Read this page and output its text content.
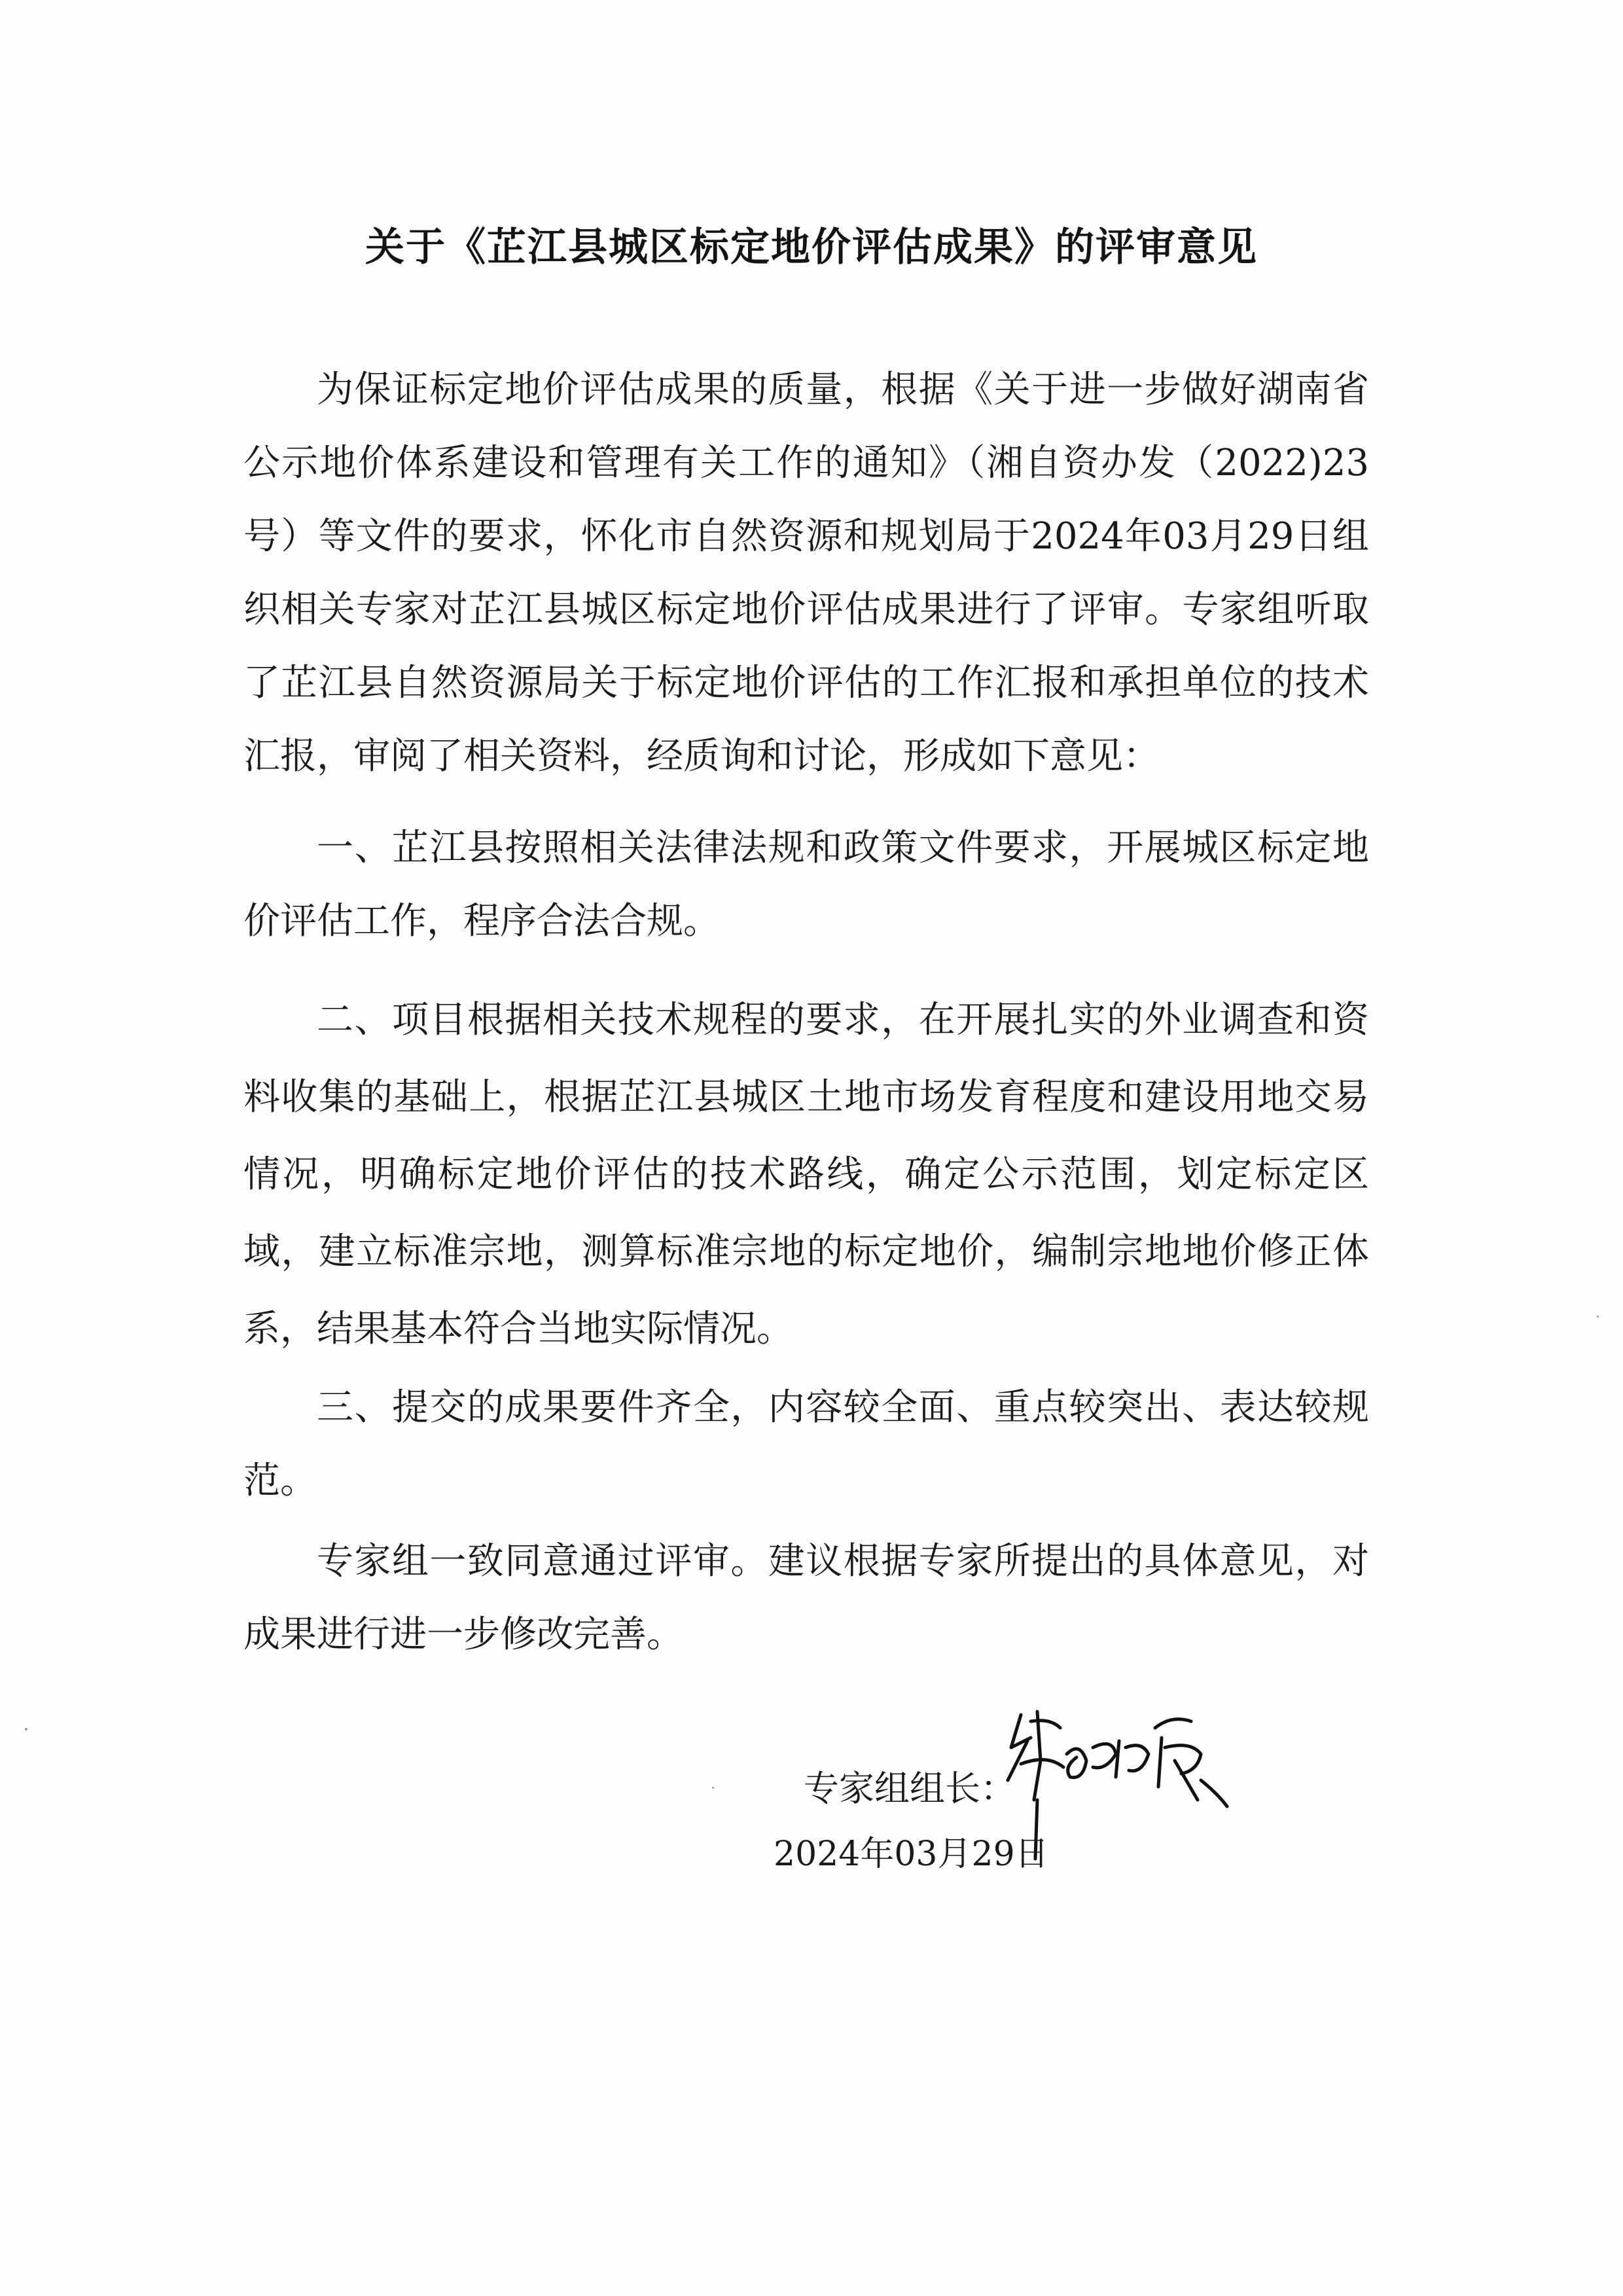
关于《芷江县城区标定地价评估成果》的评审意见
为保证标定地价评估成果的质量，根据《关于进一步做好湖南省公示地价体系建设和管理有关工作的通知》（湘自资办发（2022)23号）等文件的要求，怀化市自然资源和规划局于2024年03月29日组织相关专家对芷江县城区标定地价评估成果进行了评审。专家组听取了芷江县自然资源局关于标定地价评估的工作汇报和承担单位的技术汇报，审阅了相关资料，经质询和讨论，形成如下意见：
一、芷江县按照相关法律法规和政策文件要求，开展城区标定地价评估工作，程序合法合规。
二、项目根据相关技术规程的要求，在开展扎实的外业调查和资料收集的基础上，根据芷江县城区土地市场发育程度和建设用地交易情况，明确标定地价评估的技术路线，确定公示范围，划定标定区域，建立标准宗地，测算标准宗地的标定地价，编制宗地地价修正体系，结果基本符合当地实际情况。
三、提交的成果要件齐全，内容较全面、重点较突出、表达较规范。
专家组一致同意通过评审。建议根据专家所提出的具体意见，对成果进行进一步修改完善。
专家组组长：
2024年03月29日
